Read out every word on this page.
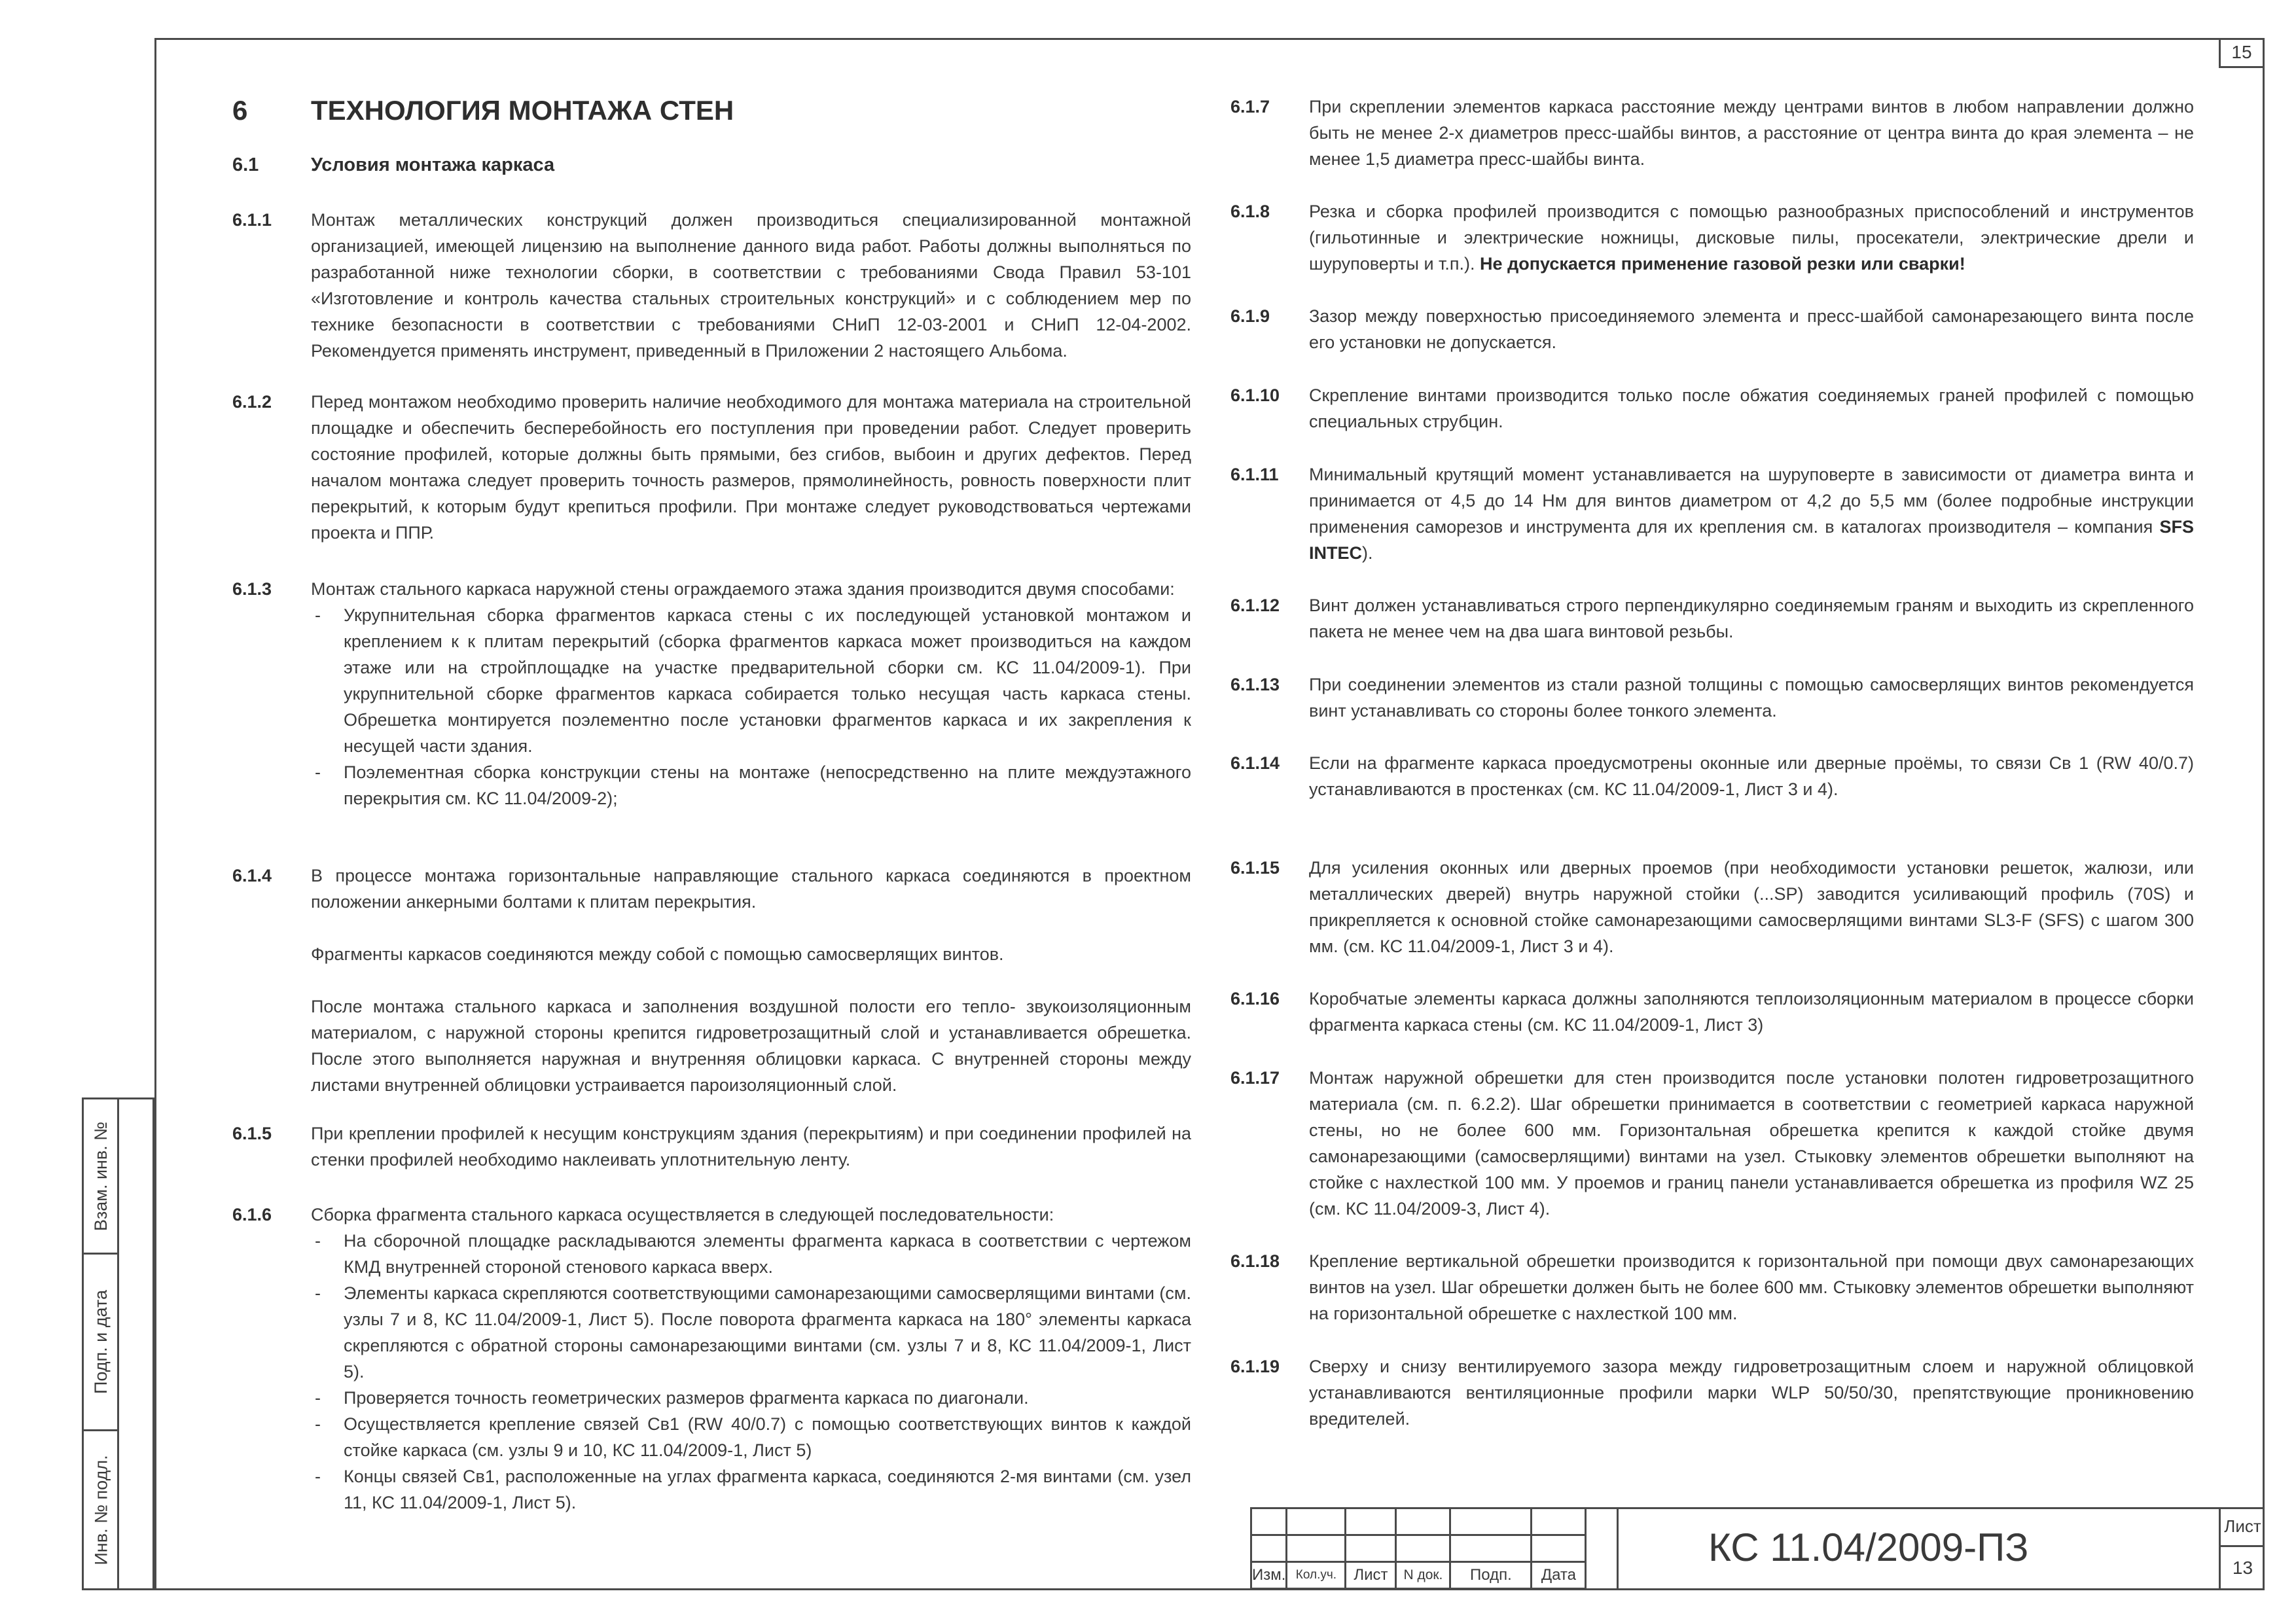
15
Взам. инв. №
Подп. и дата
Инв. № подл.
6 ТЕХНОЛОГИЯ МОНТАЖА СТЕН
6.1	Условия монтажа каркаса
6.1.1 Монтаж металлических конструкций должен производиться специализированной монтажной организацией, имеющей лицензию на выполнение данного вида работ. Работы должны выполняться по разработанной ниже технологии сборки, в соответствии с требованиями Свода Правил 53-101 «Изготовление и контроль качества стальных строительных конструкций» и с соблюдением мер по технике безопасности в соответствии с требованиями СНиП 12-03-2001 и СНиП 12-04-2002. Рекомендуется применять инструмент, приведенный в Приложении 2 настоящего Альбома.

6.1.2 Перед монтажом необходимо проверить наличие необходимого для монтажа материала на строительной площадке и обеспечить бесперебойность его поступления при проведении работ. Следует проверить состояние профилей, которые должны быть прямыми, без сгибов, выбоин и других дефектов. Перед началом монтажа следует проверить точность размеров, прямолинейность, ровность поверхности плит перекрытий, к которым будут крепиться профили. При монтаже следует руководствоваться чертежами проекта и ППР.

6.1.3 Монтаж стального каркаса наружной стены ограждаемого этажа здания производится двумя способами:

-	Укрупнительная сборка фрагментов каркаса стены с их последующей установкой монтажом и креплением к к плитам перекрытий (сборка фрагментов каркаса может производиться на каждом этаже или на стройплощадке на участке предварительной сборки см. КС 11.04/2009-1). При укрупнительной сборке фрагментов каркаса собирается только несущая часть каркаса стены. Обрешетка монтируется поэлементно после установки фрагментов каркаса и их закрепления к несущей части здания.
-	Поэлементная сборка конструкции стены на монтаже (непосредственно на плите междуэтажного перекрытия см. КС 11.04/2009-2);
6.1.4 В процессе монтажа горизонтальные направляющие стального каркаса соединяются в проектном положении анкерными болтами к плитам перекрытия.

Фрагменты каркасов соединяются между собой с помощью самосверлящих винтов.

После монтажа стального каркаса и заполнения воздушной полости его тепло- звукоизоляционным материалом, с наружной стороны крепится гидроветрозащитный слой и устанавливается обрешетка. После этого выполняется наружная и внутренняя облицовки каркаса. С внутренней стороны между листами внутренней облицовки устраивается пароизоляционный слой.

6.1.5 При креплении профилей к несущим конструкциям здания (перекрытиям) и при соединении профилей на стенки профилей необходимо наклеивать уплотнительную ленту.

6.1.6 Сборка фрагмента стального каркаса осуществляется в следующей последовательности:

-	На сборочной площадке раскладываются элементы фрагмента каркаса в соответствии с чертежом КМД внутренней стороной стенового каркаса вверх.
-	Элементы каркаса скрепляются соответствующими самонарезающими самосверлящими винтами (см. узлы 7 и 8, КС 11.04/2009-1, Лист 5). После поворота фрагмента каркаса на 180° элементы каркаса скрепляются с обратной стороны самонарезающими винтами (см. узлы 7 и 8, КС 11.04/2009-1, Лист 5).
-	Проверяется точность геометрических размеров фрагмента каркаса по диагонали.
-	Осуществляется крепление связей Св1 (RW 40/0.7) с помощью соответствующих винтов к каждой стойке каркаса (см. узлы 9 и 10, КС 11.04/2009-1, Лист 5)
-	Концы связей Св1, расположенные на углах фрагмента каркаса, соединяются 2-мя винтами (см. узел 11, КС 11.04/2009-1, Лист 5).
6.1.7 При скреплении элементов каркаса расстояние между центрами винтов в любом направлении должно быть не менее 2-х диаметров пресс-шайбы винтов, а расстояние от центра винта до края элемента – не менее 1,5 диаметра пресс-шайбы винта.

6.1.8 Резка и сборка профилей производится с помощью разнообразных приспособлений и инструментов (гильотинные и электрические ножницы, дисковые пилы, просекатели, электрические дрели и шуруповерты и т.п.). Не допускается применение газовой резки или сварки!

6.1.9 Зазор между поверхностью присоединяемого элемента и пресс-шайбой самонарезающего винта после его установки не допускается.

6.1.10 Скрепление винтами производится только после обжатия соединяемых граней профилей с помощью специальных струбцин.

6.1.11 Минимальный крутящий момент устанавливается на шуруповерте в зависимости от диаметра винта и принимается от 4,5 до 14 Нм для винтов диаметром от 4,2 до 5,5 мм (более подробные инструкции применения саморезов и инструмента для их крепления см. в каталогах производителя – компания SFS INTEC).

6.1.12 Винт должен устанавливаться строго перпендикулярно соединяемым граням и выходить из скрепленного пакета не менее чем на два шага винтовой резьбы.

6.1.13 При соединении элементов из стали разной толщины с помощью самосверлящих винтов рекомендуется винт устанавливать со стороны более тонкого элемента.

6.1.14 Если на фрагменте каркаса проедусмотрены оконные или дверные проёмы, то связи Св 1 (RW 40/0.7) устанавливаются в простенках (см. КС 11.04/2009-1, Лист 3 и 4).

6.1.15 Для усиления оконных или дверных проемов (при необходимости установки решеток, жалюзи, или металлических дверей) внутрь наружной стойки (...SP) заводится усиливающий профиль (70S) и прикрепляется к основной стойке самонарезающими самосверлящими винтами SL3-F (SFS) с шагом 300 мм. (см. КС 11.04/2009-1, Лист 3 и 4).

6.1.16 Коробчатые элементы каркаса должны заполняются теплоизоляционным материалом в процессе сборки фрагмента каркаса стены (см. КС 11.04/2009-1, Лист 3)

6.1.17 Монтаж наружной обрешетки для стен производится после установки полотен гидроветрозащитного материала (см. п. 6.2.2). Шаг обрешетки принимается в соответствии с геометрией каркаса наружной стены, но не более 600 мм. Горизонтальная обрешетка крепится к каждой стойке двумя самонарезающими (самосверлящими) винтами на узел. Стыковку элементов обрешетки выполняют на стойке с нахлесткой 100 мм. У проемов и границ панели устанавливается обрешетка из профиля WZ 25 (см. КС 11.04/2009-3, Лист 4).

6.1.18 Крепление вертикальной обрешетки производится к горизонтальной при помощи двух самонарезающих винтов на узел. Шаг обрешетки должен быть не более 600 мм. Стыковку элементов обрешетки выполняют на горизонтальной обрешетке с нахлесткой 100 мм.

6.1.19 Сверху и снизу вентилируемого зазора между гидроветрозащитным слоем и наружной облицовкой устанавливаются вентиляционные профили марки WLP 50/50/30, препятствующие проникновению вредителей.

Изм.	Кол.уч.	Лист	N док.	Подп.	Дата
КС 11.04/2009-ПЗ	Лист
13
